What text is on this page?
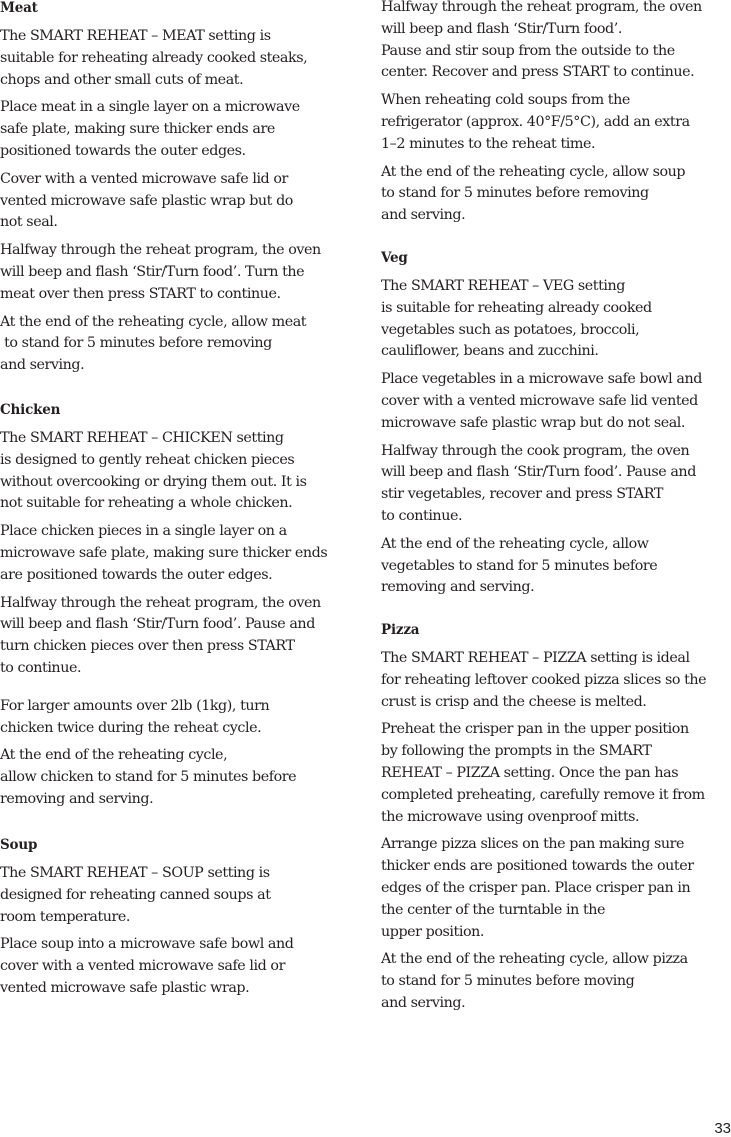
Meat
The SMART REHEAT – MEAT setting is
suitable for reheating already cooked steaks,
chops and other small cuts of meat.
Place meat in a single layer on a microwave
safe plate, making sure thicker ends are
positioned towards the outer edges.
Cover with a vented microwave safe lid or
vented microwave safe plastic wrap but do
not seal.
Halfway through the reheat program, the oven
will beep and flash ‘Stir/Turn food’. Turn the
meat over then press START to continue.
At the end of the reheating cycle, allow meat
to stand for 5 minutes before removing
and serving.
Chicken
The SMART REHEAT – CHICKEN setting
is designed to gently reheat chicken pieces
without overcooking or drying them out. It is
not suitable for reheating a whole chicken.
Place chicken pieces in a single layer on a
microwave safe plate, making sure thicker ends
are positioned towards the outer edges.
Halfway through the reheat program, the oven
will beep and flash ‘Stir/Turn food’. Pause and
turn chicken pieces over then press START
to continue.
For larger amounts over 2lb (1kg), turn
chicken twice during the reheat cycle.
At the end of the reheating cycle,
allow chicken to stand for 5 minutes before
removing and serving.
Soup
The SMART REHEAT – SOUP setting is
designed for reheating canned soups at
room temperature.
Place soup into a microwave safe bowl and
cover with a vented microwave safe lid or
vented microwave safe plastic wrap.
Halfway through the reheat program, the oven
will beep and flash ‘Stir/Turn food’.
Pause and stir soup from the outside to the
center. Recover and press START to continue.
When reheating cold soups from the
refrigerator (approx. 40°F/5°C), add an extra
1–2 minutes to the reheat time.
At the end of the reheating cycle, allow soup
to stand for 5 minutes before removing
and serving.
Veg
The SMART REHEAT – VEG setting
is suitable for reheating already cooked
vegetables such as potatoes, broccoli,
cauliflower, beans and zucchini.
Place vegetables in a microwave safe bowl and
cover with a vented microwave safe lid vented
microwave safe plastic wrap but do not seal.
Halfway through the cook program, the oven
will beep and flash ‘Stir/Turn food’. Pause and
stir vegetables, recover and press START
to continue.
At the end of the reheating cycle, allow
vegetables to stand for 5 minutes before
removing and serving.
Pizza
The SMART REHEAT – PIZZA setting is ideal
for reheating leftover cooked pizza slices so the
crust is crisp and the cheese is melted.
Preheat the crisper pan in the upper position
by following the prompts in the SMART
REHEAT – PIZZA setting. Once the pan has
completed preheating, carefully remove it from
the microwave using ovenproof mitts.
Arrange pizza slices on the pan making sure
thicker ends are positioned towards the outer
edges of the crisper pan. Place crisper pan in
the center of the turntable in the
upper position.
At the end of the reheating cycle, allow pizza
to stand for 5 minutes before moving
and serving.
33
